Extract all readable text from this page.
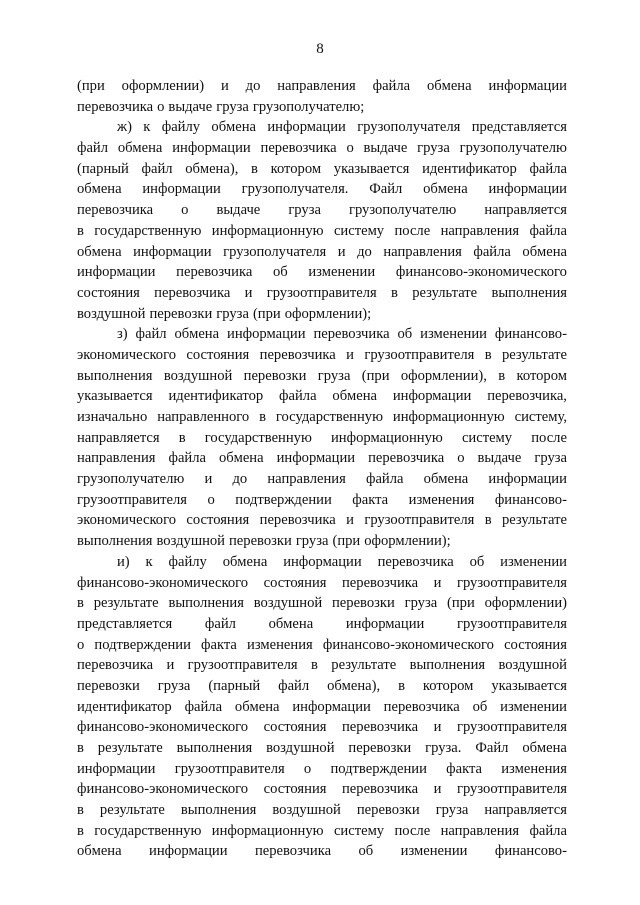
8
(при оформлении) и до направления файла обмена информации
перевозчика о выдаче груза грузополучателю;
ж) к файлу обмена информации грузополучателя представляется
файл обмена информации перевозчика о выдаче груза грузополучателю
(парный файл обмена), в котором указывается идентификатор файла
обмена информации грузополучателя. Файл обмена информации
перевозчика о выдаче груза грузополучателю направляется
в государственную информационную систему после направления файла
обмена информации грузополучателя и до направления файла обмена
информации перевозчика об изменении финансово-экономического
состояния перевозчика и грузоотправителя в результате выполнения
воздушной перевозки груза (при оформлении);
з) файл обмена информации перевозчика об изменении финансово-
экономического состояния перевозчика и грузоотправителя в результате
выполнения воздушной перевозки груза (при оформлении), в котором
указывается идентификатор файла обмена информации перевозчика,
изначально направленного в государственную информационную систему,
направляется в государственную информационную систему после
направления файла обмена информации перевозчика о выдаче груза
грузополучателю и до направления файла обмена информации
грузоотправителя о подтверждении факта изменения финансово-
экономического состояния перевозчика и грузоотправителя в результате
выполнения воздушной перевозки груза (при оформлении);
и) к файлу обмена информации перевозчика об изменении
финансово-экономического состояния перевозчика и грузоотправителя
в результате выполнения воздушной перевозки груза (при оформлении)
представляется файл обмена информации грузоотправителя
о подтверждении факта изменения финансово-экономического состояния
перевозчика и грузоотправителя в результате выполнения воздушной
перевозки груза (парный файл обмена), в котором указывается
идентификатор файла обмена информации перевозчика об изменении
финансово-экономического состояния перевозчика и грузоотправителя
в результате выполнения воздушной перевозки груза. Файл обмена
информации грузоотправителя о подтверждении факта изменения
финансово-экономического состояния перевозчика и грузоотправителя
в результате выполнения воздушной перевозки груза направляется
в государственную информационную систему после направления файла
обмена информации перевозчика об изменении финансово-
